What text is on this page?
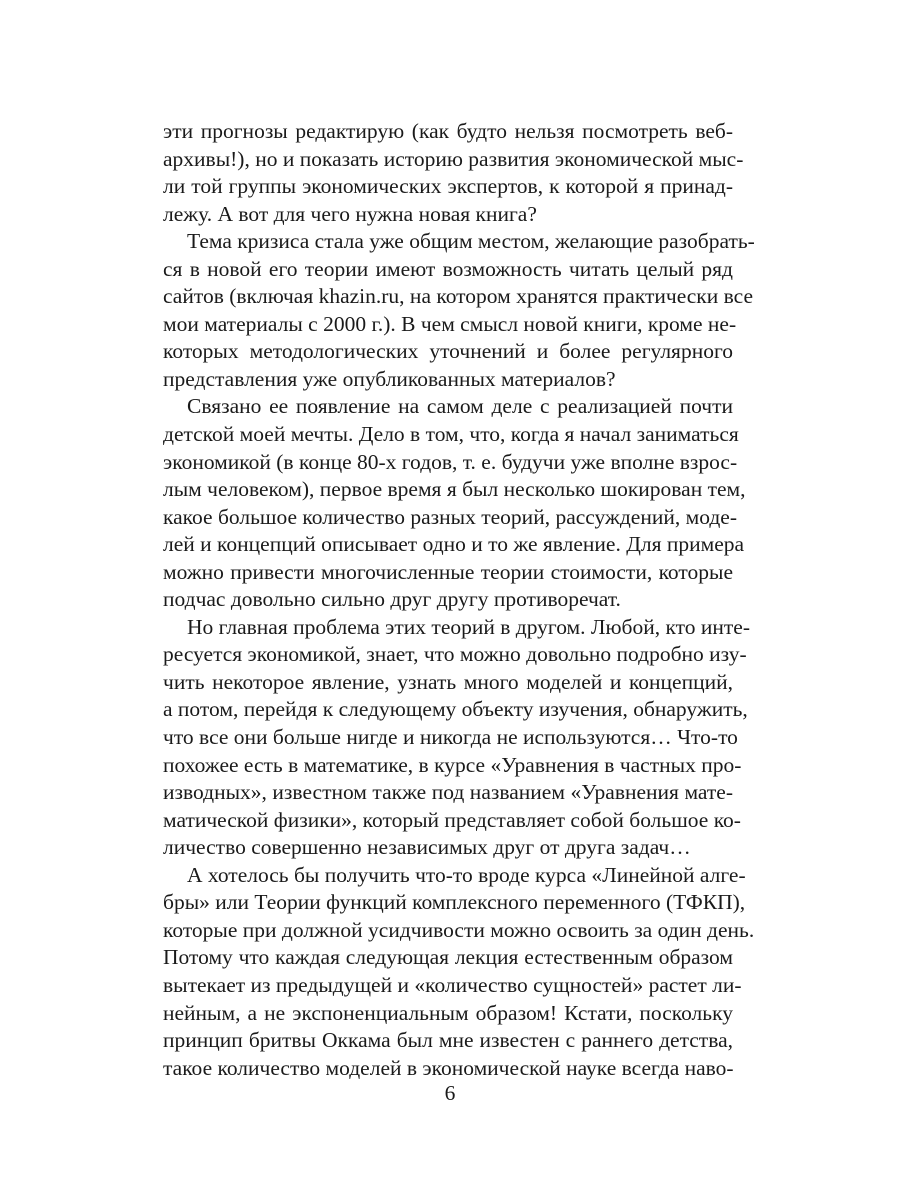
эти прогнозы редактирую (как будто нельзя посмотреть веб-
архивы!), но и показать историю развития экономической мыс-
ли той группы экономических экспертов, к которой я принад-
лежу. А вот для чего нужна новая книга?
Тема кризиса стала уже общим местом, желающие разобрать-
ся в новой его теории имеют возможность читать целый ряд
сайтов (включая khazin.ru, на котором хранятся практически все
мои материалы с 2000 г.). В чем смысл новой книги, кроме не-
которых методологических уточнений и более регулярного
представления уже опубликованных материалов?
Связано ее появление на самом деле с реализацией почти
детской моей мечты. Дело в том, что, когда я начал заниматься
экономикой (в конце 80-х годов, т. е. будучи уже вполне взрос-
лым человеком), первое время я был несколько шокирован тем,
какое большое количество разных теорий, рассуждений, моде-
лей и концепций описывает одно и то же явление. Для примера
можно привести многочисленные теории стоимости, которые
подчас довольно сильно друг другу противоречат.
Но главная проблема этих теорий в другом. Любой, кто инте-
ресуется экономикой, знает, что можно довольно подробно изу-
чить некоторое явление, узнать много моделей и концепций,
а потом, перейдя к следующему объекту изучения, обнаружить,
что все они больше нигде и никогда не используются… Что-то
похожее есть в математике, в курсе «Уравнения в частных про-
изводных», известном также под названием «Уравнения мате-
матической физики», который представляет собой большое ко-
личество совершенно независимых друг от друга задач…
А хотелось бы получить что-то вроде курса «Линейной алге-
бры» или Теории функций комплексного переменного (ТФКП),
которые при должной усидчивости можно освоить за один день.
Потому что каждая следующая лекция естественным образом
вытекает из предыдущей и «количество сущностей» растет ли-
нейным, а не экспоненциальным образом! Кстати, поскольку
принцип бритвы Оккама был мне известен с раннего детства,
такое количество моделей в экономической науке всегда наво-
6
